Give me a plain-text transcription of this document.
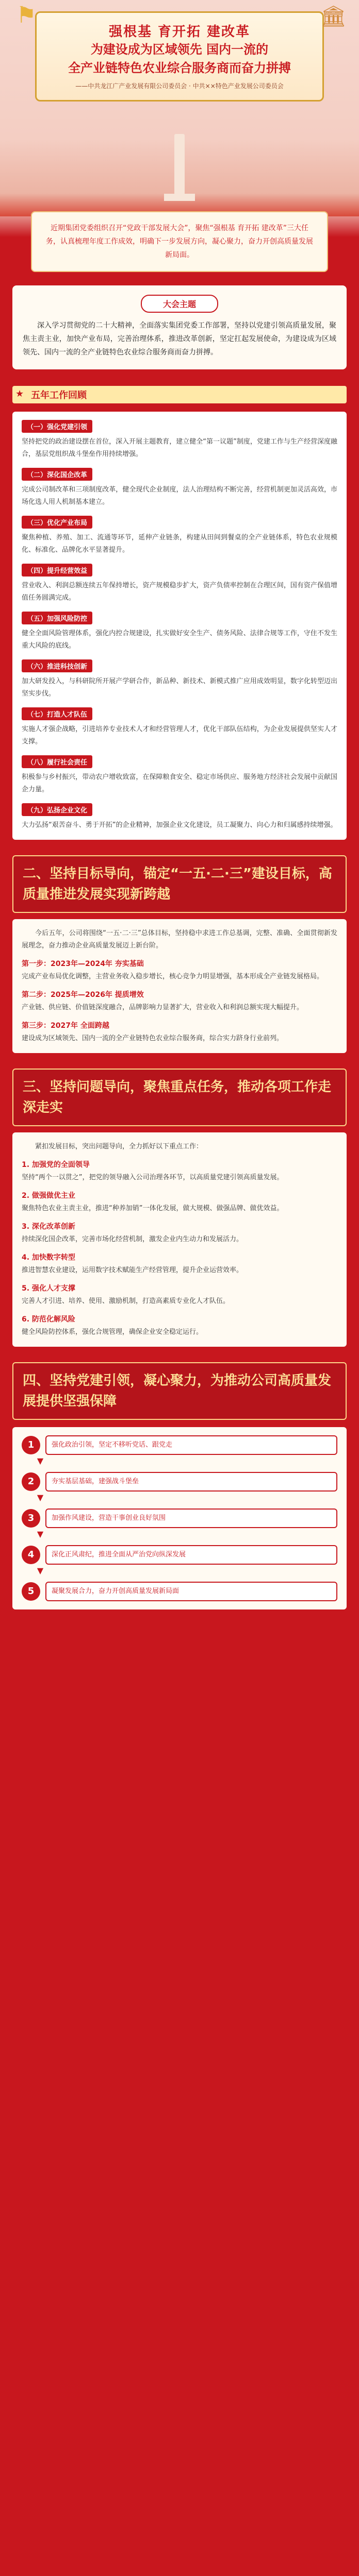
⚑	🏛
强根基 育开拓 建改革
为建设成为区域领先 国内一流的
全产业链特色农业综合服务商而奋力拼搏
——中共龙江广产业发展有限公司委员会 · 中共××特色产业发展公司委员会
近期集团党委组织召开“党政干部发展大会”，聚焦“强根基 育开拓 建改革”三大任务，认真梳理年度工作成效，明确下一步发展方向，凝心聚力，奋力开创高质量发展新局面。
大会主题

深入学习贯彻党的二十大精神，全面落实集团党委工作部署，坚持以党建引领高质量发展，聚焦主责主业，加快产业布局，完善治理体系，推进改革创新，坚定扛起发展使命，为建设成为区域领先、国内一流的全产业链特色农业综合服务商而奋力拼搏。

★ 五年工作回顾
（一）强化党建引领
坚持把党的政治建设摆在首位，深入开展主题教育，建立健全“第一议题”制度，党建工作与生产经营深度融合，基层党组织战斗堡垒作用持续增强。
（二）深化国企改革
完成公司制改革和三项制度改革，健全现代企业制度，法人治理结构不断完善，经营机制更加灵活高效，市场化选人用人机制基本建立。
（三）优化产业布局
聚焦种植、养殖、加工、流通等环节，延伸产业链条，构建从田间到餐桌的全产业链体系，特色农业规模化、标准化、品牌化水平显著提升。
（四）提升经营效益
营业收入、利润总额连续五年保持增长，资产规模稳步扩大，资产负债率控制在合理区间，国有资产保值增值任务圆满完成。
（五）加强风险防控
健全全面风险管理体系，强化内控合规建设，扎实做好安全生产、债务风险、法律合规等工作，守住不发生重大风险的底线。
（六）推进科技创新
加大研发投入，与科研院所开展产学研合作，新品种、新技术、新模式推广应用成效明显，数字化转型迈出坚实步伐。
（七）打造人才队伍
实施人才强企战略，引进培养专业技术人才和经营管理人才，优化干部队伍结构，为企业发展提供坚实人才支撑。
（八）履行社会责任
积极参与乡村振兴，带动农户增收致富，在保障粮食安全、稳定市场供应、服务地方经济社会发展中贡献国企力量。
（九）弘扬企业文化
大力弘扬“艰苦奋斗、勇于开拓”的企业精神，加强企业文化建设，员工凝聚力、向心力和归属感持续增强。
二、坚持目标导向，锚定“一五·二·三”建设目标，高质量推进发展实现新跨越
今后五年，公司将围绕“一五·二·三”总体目标，坚持稳中求进工作总基调，完整、准确、全面贯彻新发展理念，奋力推动企业高质量发展迈上新台阶。
第一步：2023年—2024年 夯实基础
完成产业布局优化调整，主营业务收入稳步增长，核心竞争力明显增强，基本形成全产业链发展格局。
第二步：2025年—2026年 提质增效
产业链、供应链、价值链深度融合，品牌影响力显著扩大，营业收入和利润总额实现大幅提升。
第三步：2027年 全面跨越
建设成为区域领先、国内一流的全产业链特色农业综合服务商，综合实力跻身行业前列。
三、坚持问题导向，聚焦重点任务，推动各项工作走深走实
紧扣发展目标，突出问题导向，全力抓好以下重点工作：
1. 加强党的全面领导
坚持“两个一以贯之”，把党的领导融入公司治理各环节，以高质量党建引领高质量发展。
2. 做强做优主业
聚焦特色农业主责主业，推进“种养加销”一体化发展，做大规模、做强品牌、做优效益。
3. 深化改革创新
持续深化国企改革，完善市场化经营机制，激发企业内生动力和发展活力。
4. 加快数字转型
推进智慧农业建设，运用数字技术赋能生产经营管理，提升企业运营效率。
5. 强化人才支撑
完善人才引进、培养、使用、激励机制，打造高素质专业化人才队伍。
6. 防范化解风险
健全风险防控体系，强化合规管理，确保企业安全稳定运行。
四、坚持党建引领，凝心聚力，为推动公司高质量发展提供坚强保障
1	强化政治引领，坚定不移听党话、跟党走
▼
2	夯实基层基础，建强战斗堡垒
▼
3	加强作风建设，营造干事创业良好氛围
▼
4	深化正风肃纪，推进全面从严治党向纵深发展
▼
5	凝聚发展合力，奋力开创高质量发展新局面
